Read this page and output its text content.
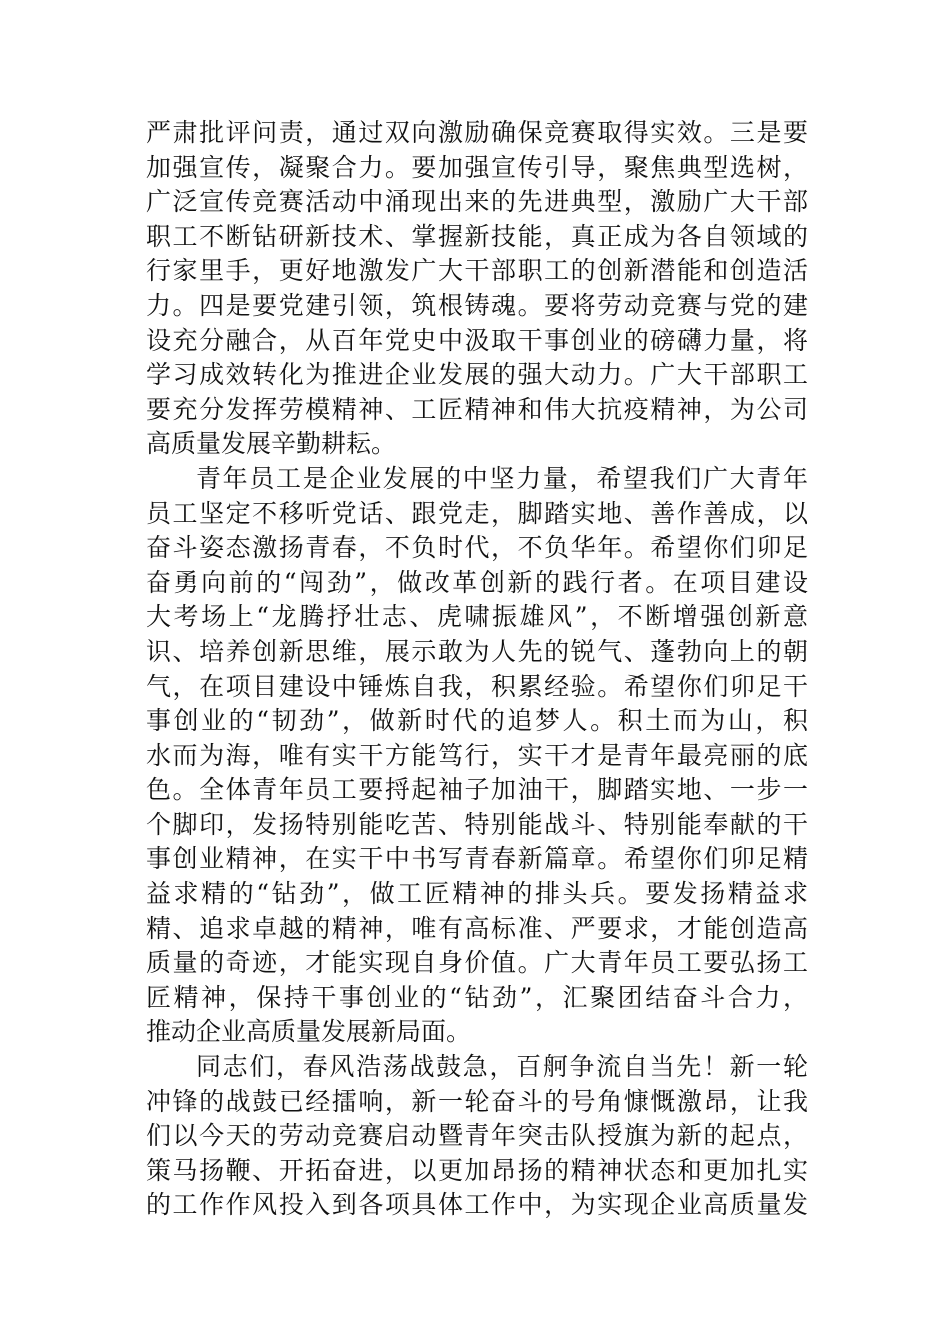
严肃批评问责，通过双向激励确保竞赛取得实效。三是要
加强宣传，凝聚合力。要加强宣传引导，聚焦典型选树，
广泛宣传竞赛活动中涌现出来的先进典型，激励广大干部
职工不断钻研新技术、掌握新技能，真正成为各自领域的
行家里手，更好地激发广大干部职工的创新潜能和创造活
力。四是要党建引领，筑根铸魂。要将劳动竞赛与党的建
设充分融合，从百年党史中汲取干事创业的磅礴力量，将
学习成效转化为推进企业发展的强大动力。广大干部职工
要充分发挥劳模精神、工匠精神和伟大抗疫精神，为公司
高质量发展辛勤耕耘。
青年员工是企业发展的中坚力量，希望我们广大青年
员工坚定不移听党话、跟党走，脚踏实地、善作善成，以
奋斗姿态激扬青春，不负时代，不负华年。希望你们卯足
奋勇向前的“闯劲”，做改革创新的践行者。在项目建设
大考场上“龙腾抒壮志、虎啸振雄风”，不断增强创新意
识、培养创新思维，展示敢为人先的锐气、蓬勃向上的朝
气，在项目建设中锤炼自我，积累经验。希望你们卯足干
事创业的“韧劲”，做新时代的追梦人。积土而为山，积
水而为海，唯有实干方能笃行，实干才是青年最亮丽的底
色。全体青年员工要捋起袖子加油干，脚踏实地、一步一
个脚印，发扬特别能吃苦、特别能战斗、特别能奉献的干
事创业精神，在实干中书写青春新篇章。希望你们卯足精
益求精的“钻劲”，做工匠精神的排头兵。要发扬精益求
精、追求卓越的精神，唯有高标准、严要求，才能创造高
质量的奇迹，才能实现自身价值。广大青年员工要弘扬工
匠精神，保持干事创业的“钻劲”，汇聚团结奋斗合力，
推动企业高质量发展新局面。
同志们，春风浩荡战鼓急，百舸争流自当先！新一轮
冲锋的战鼓已经擂响，新一轮奋斗的号角慷慨激昂，让我
们以今天的劳动竞赛启动暨青年突击队授旗为新的起点，
策马扬鞭、开拓奋进，以更加昂扬的精神状态和更加扎实
的工作作风投入到各项具体工作中，为实现企业高质量发
